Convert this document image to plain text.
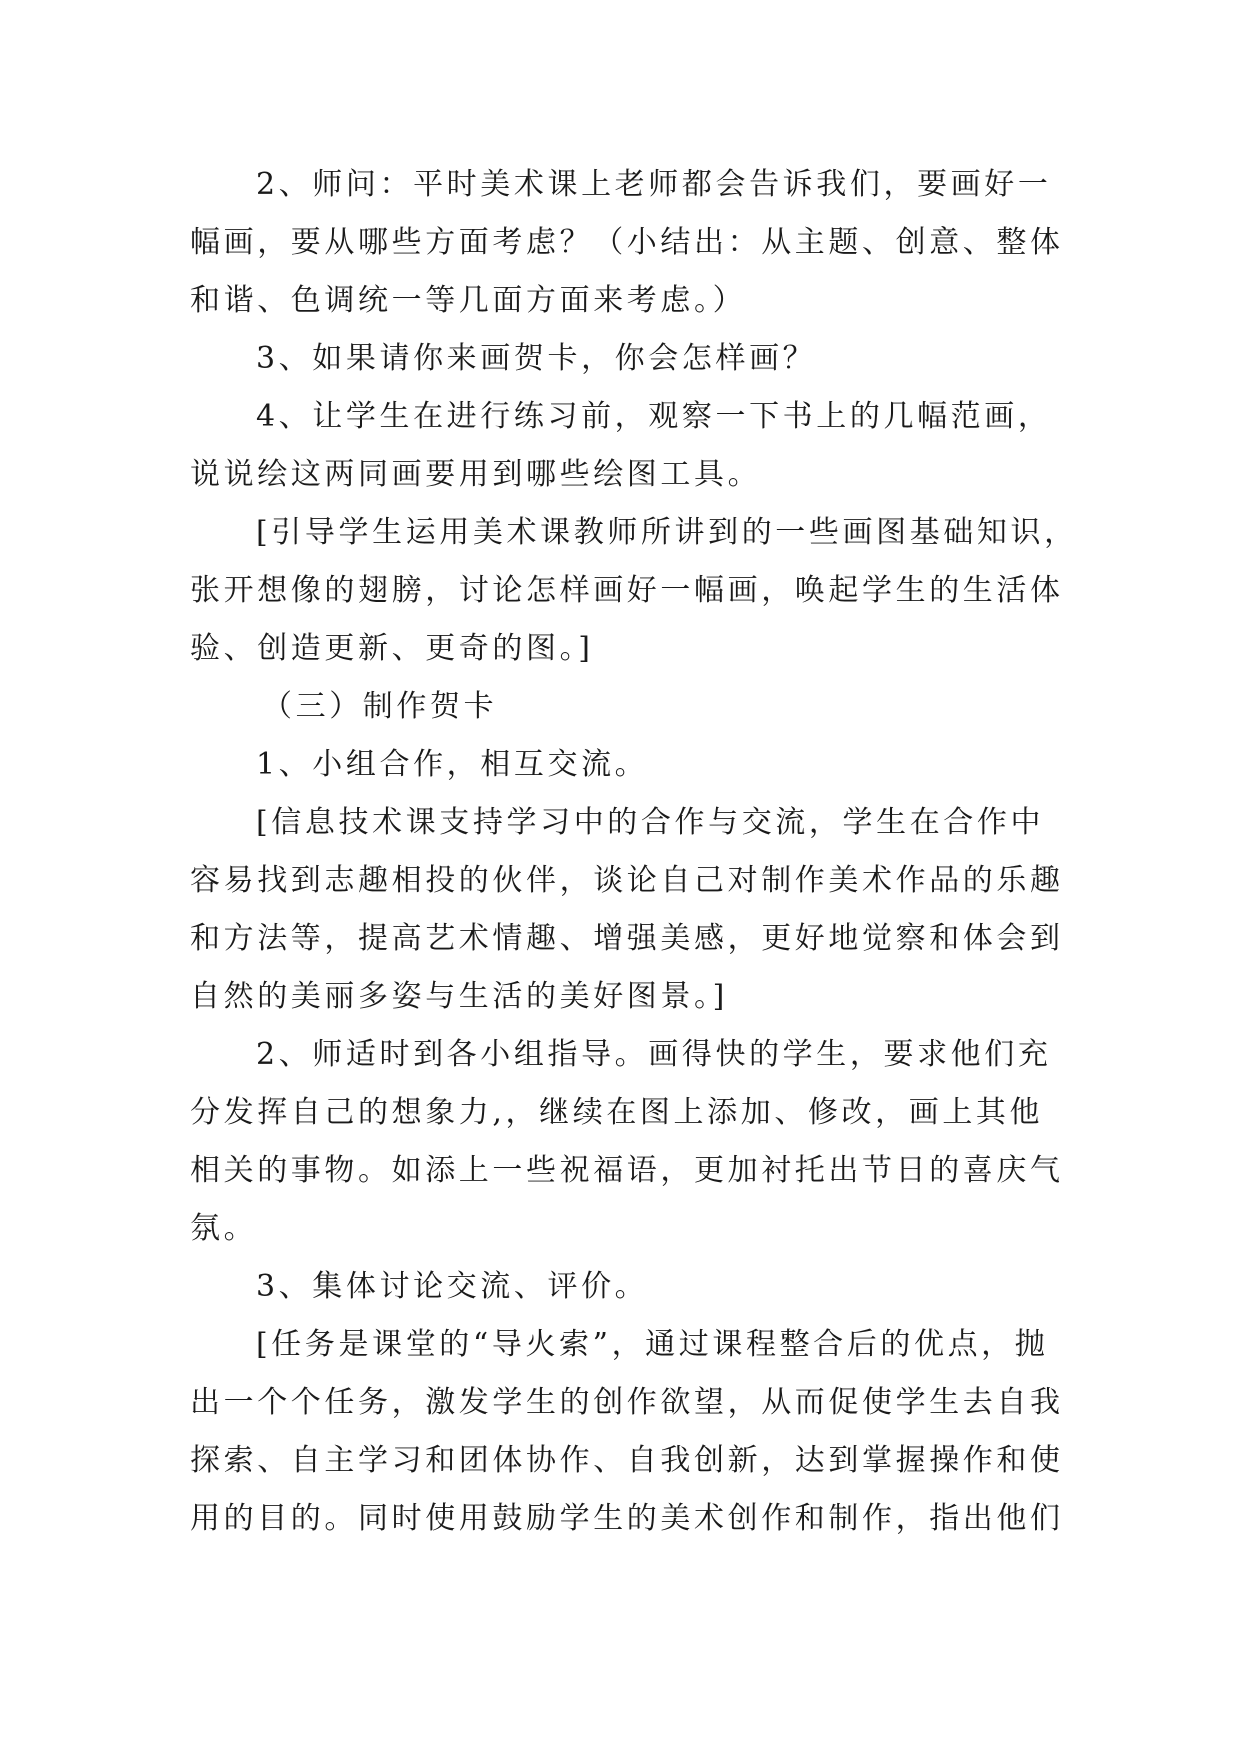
2、师问：平时美术课上老师都会告诉我们，要画好一
幅画，要从哪些方面考虑？（小结出：从主题、创意、整体
和谐、色调统一等几面方面来考虑。）
3、如果请你来画贺卡，你会怎样画？
4、让学生在进行练习前，观察一下书上的几幅范画，
说说绘这两同画要用到哪些绘图工具。
[引导学生运用美术课教师所讲到的一些画图基础知识，
张开想像的翅膀，讨论怎样画好一幅画，唤起学生的生活体
验、创造更新、更奇的图。]
（三）制作贺卡
1、小组合作，相互交流。
[信息技术课支持学习中的合作与交流，学生在合作中
容易找到志趣相投的伙伴，谈论自己对制作美术作品的乐趣
和方法等，提高艺术情趣、增强美感，更好地觉察和体会到
自然的美丽多姿与生活的美好图景。]
2、师适时到各小组指导。画得快的学生，要求他们充
分发挥自己的想象力,，继续在图上添加、修改，画上其他
相关的事物。如添上一些祝福语，更加衬托出节日的喜庆气
氛。
3、集体讨论交流、评价。
[任务是课堂的“导火索”，通过课程整合后的优点，抛
出一个个任务，激发学生的创作欲望，从而促使学生去自我
探索、自主学习和团体协作、自我创新，达到掌握操作和使
用的目的。同时使用鼓励学生的美术创作和制作，指出他们
